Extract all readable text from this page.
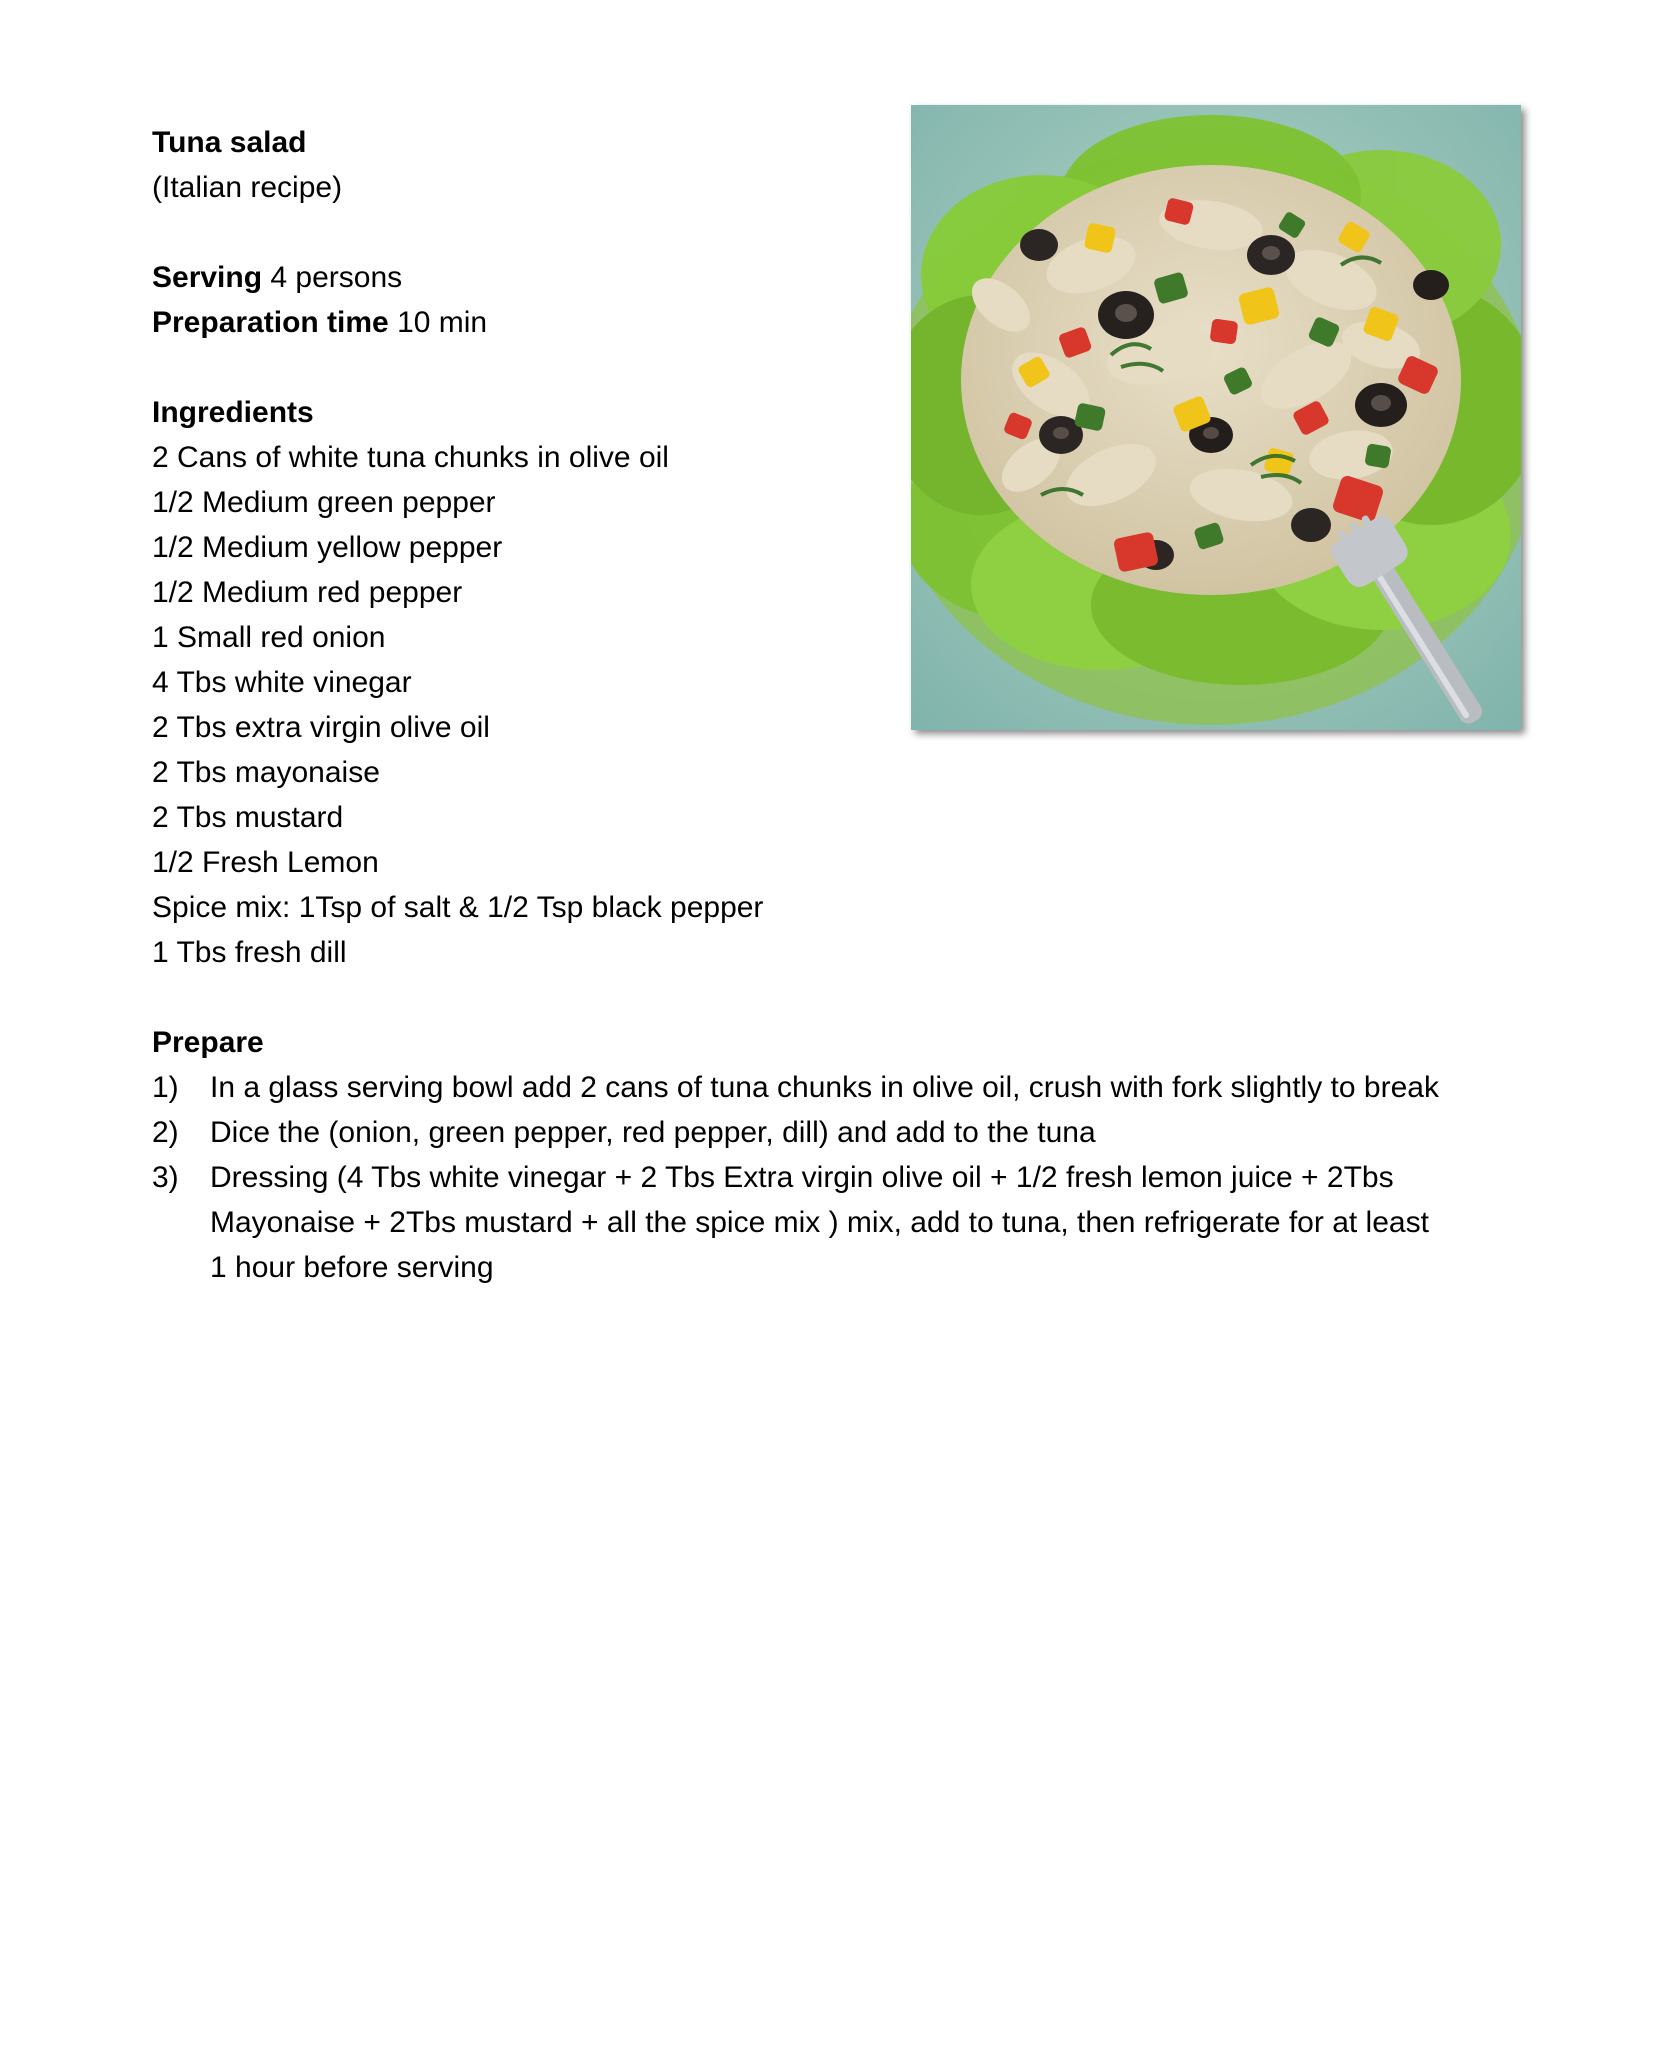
Tuna salad
(Italian recipe)
Serving 4 persons
Preparation time 10 min
Ingredients
2 Cans of white tuna chunks in olive oil
1/2 Medium green pepper
1/2 Medium yellow pepper
1/2 Medium red pepper
1 Small red onion
4 Tbs white vinegar
2 Tbs extra virgin olive oil
2 Tbs mayonaise
2 Tbs mustard
1/2 Fresh Lemon
Spice mix: 1Tsp of salt & 1/2 Tsp black pepper
1 Tbs fresh dill
Prepare
1)	In a glass serving bowl add 2 cans of tuna chunks in olive oil, crush with fork slightly to break
2)	Dice the (onion, green pepper, red pepper, dill) and add to the tuna
3)	Dressing (4 Tbs white vinegar + 2 Tbs Extra virgin olive oil + 1/2 fresh lemon juice + 2Tbs Mayonaise + 2Tbs mustard + all the spice mix ) mix, add to tuna, then refrigerate for at least 1 hour before serving
